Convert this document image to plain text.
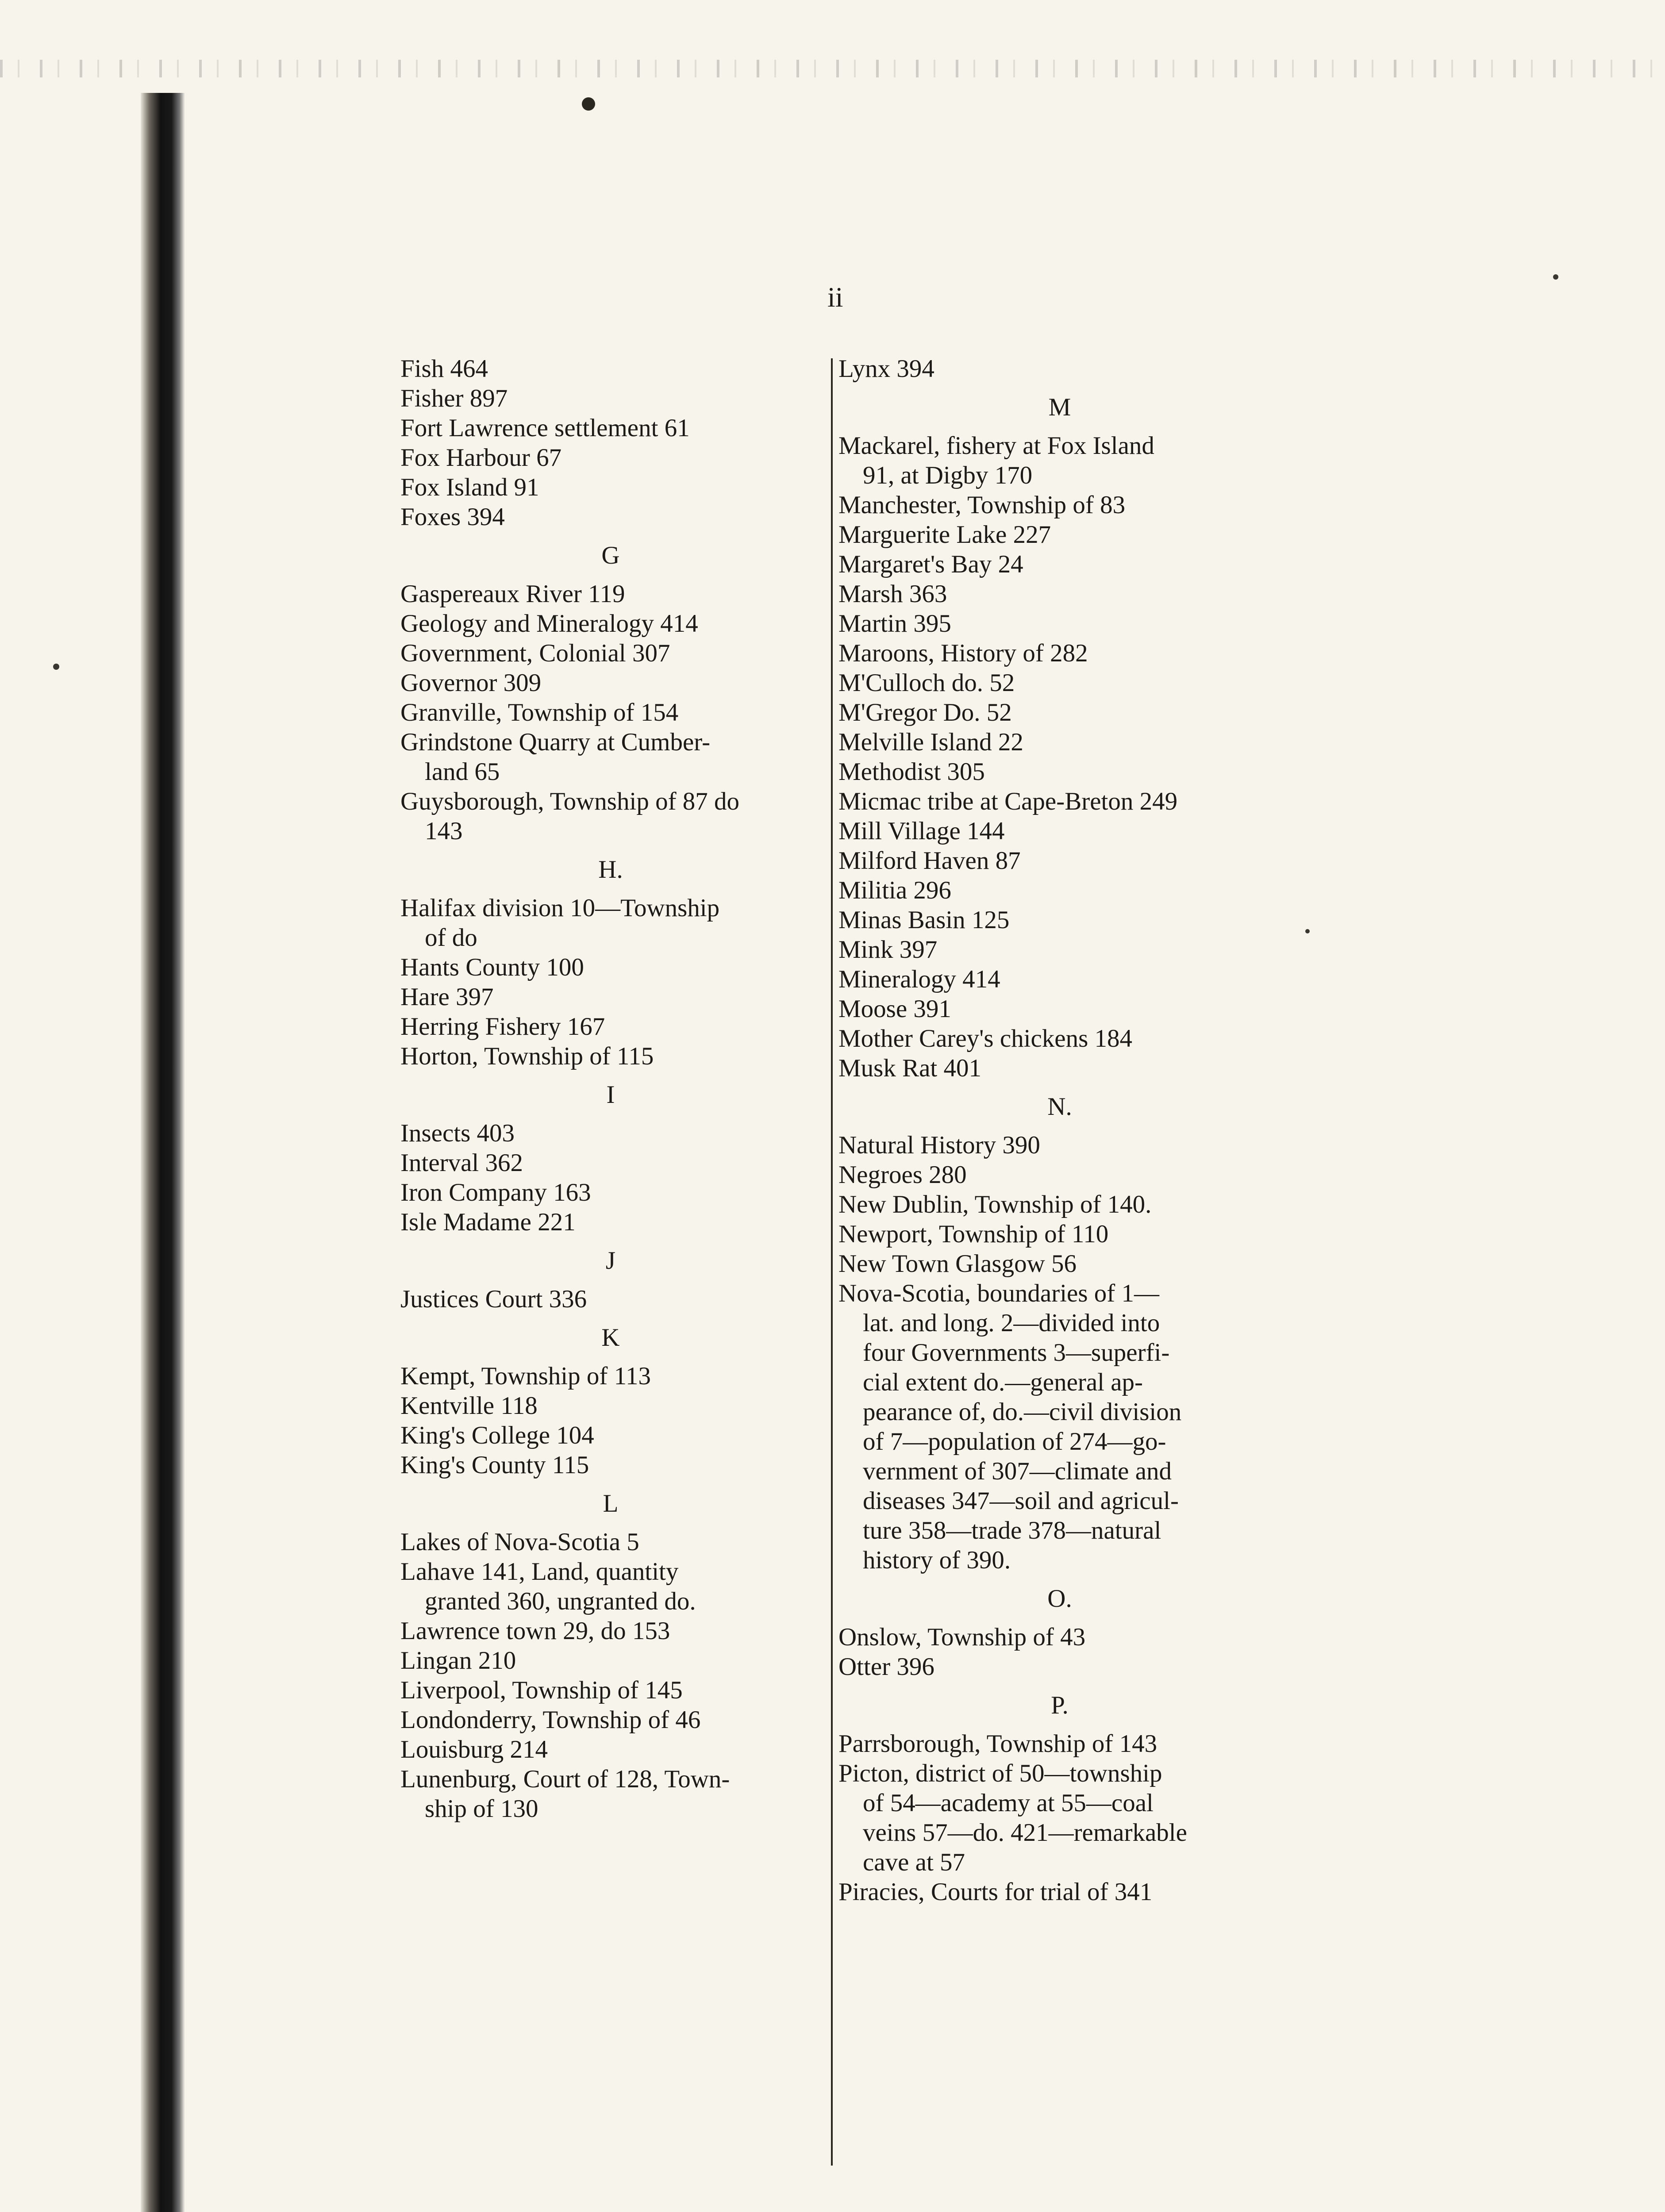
ii
Fish 464
Fisher 897
Fort Lawrence settlement 61
Fox Harbour 67
Fox Island 91
Foxes 394
G
Gaspereaux River 119
Geology and Mineralogy 414
Government, Colonial 307
Governor 309
Granville, Township of 154
Grindstone Quarry at Cumber-
land 65
Guysborough, Township of 87 do
143
H.
Halifax division 10—Township
of do
Hants County 100
Hare 397
Herring Fishery 167
Horton, Township of 115
I
Insects 403
Interval 362
Iron Company 163
Isle Madame 221
J
Justices Court 336
K
Kempt, Township of 113
Kentville 118
King's College 104
King's County 115
L
Lakes of Nova-Scotia 5
Lahave 141, Land, quantity
granted 360, ungranted do.
Lawrence town 29, do 153
Lingan 210
Liverpool, Township of 145
Londonderry, Township of 46
Louisburg 214
Lunenburg, Court of 128, Town-
ship of 130
Lynx 394
M
Mackarel, fishery at Fox Island
91, at Digby 170
Manchester, Township of 83
Marguerite Lake 227
Margaret's Bay 24
Marsh 363
Martin 395
Maroons, History of 282
M'Culloch do. 52
M'Gregor Do. 52
Melville Island 22
Methodist 305
Micmac tribe at Cape-Breton 249
Mill Village 144
Milford Haven 87
Militia 296
Minas Basin 125
Mink 397
Mineralogy 414
Moose 391
Mother Carey's chickens 184
Musk Rat 401
N.
Natural History 390
Negroes 280
New Dublin, Township of 140.
Newport, Township of 110
New Town Glasgow 56
Nova-Scotia, boundaries of 1—
lat. and long. 2—divided into
four Governments 3—superfi-
cial extent do.—general ap-
pearance of, do.—civil division
of 7—population of 274—go-
vernment of 307—climate and
diseases 347—soil and agricul-
ture 358—trade 378—natural
history of 390.
O.
Onslow, Township of 43
Otter 396
P.
Parrsborough, Township of 143
Picton, district of 50—township
of 54—academy at 55—coal
veins 57—do. 421—remarkable
cave at 57
Piracies, Courts for trial of 341
